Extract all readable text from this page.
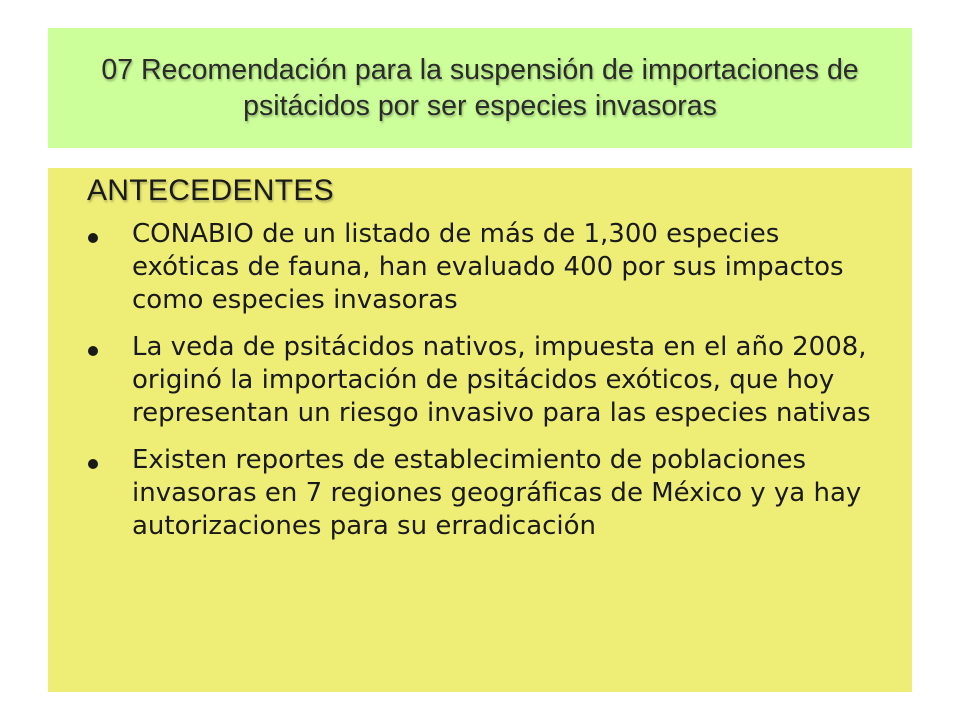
07 Recomendación para la suspensión de importaciones de psitácidos por ser especies invasoras
ANTECEDENTES
CONABIO de un listado de más de 1,300 especies exóticas de fauna, han evaluado 400 por sus impactos como especies invasoras
La veda de psitácidos nativos, impuesta en el año 2008, originó la importación de psitácidos exóticos, que hoy representan un riesgo invasivo para las especies nativas
Existen reportes de establecimiento de poblaciones invasoras en 7 regiones geográficas de México y ya hay autorizaciones para su erradicación
